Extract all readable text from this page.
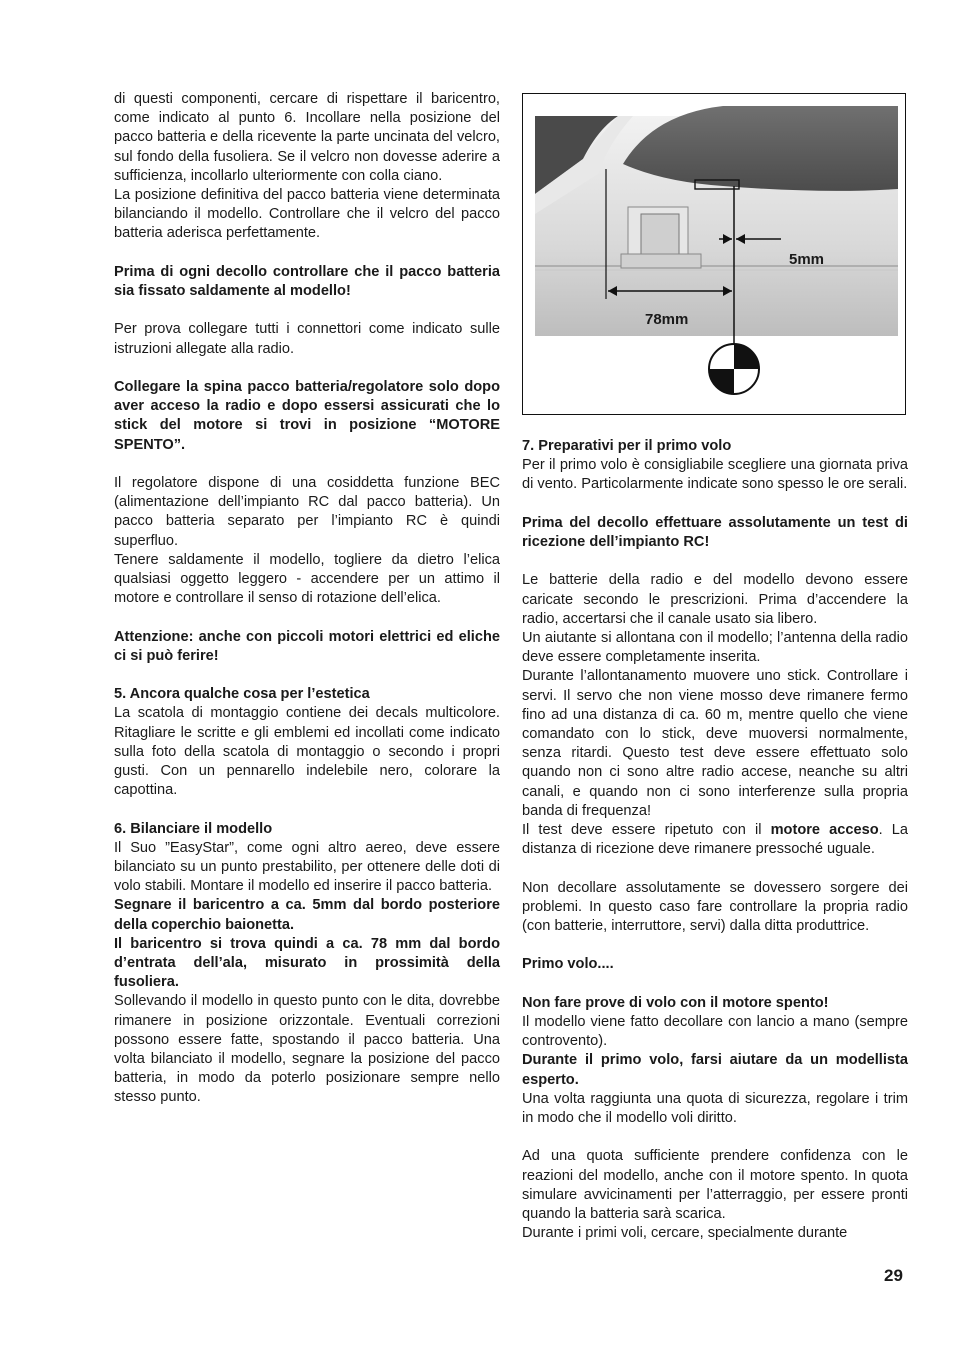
di questi componenti, cercare di rispettare il baricentro, come indicato al punto 6. Incollare nella posizione del pacco batteria e della ricevente la parte uncinata del velcro, sul fondo della fusoliera. Se il velcro non dovesse aderire a sufficienza, incollarlo ulteriormente con colla ciano.

La posizione definitiva del pacco batteria viene determinata bilanciando il modello. Controllare che il velcro del pacco batteria aderisca perfettamente.

Prima di ogni decollo controllare che il pacco batteria sia fissato saldamente al modello!

Per prova collegare tutti i connettori come indicato sulle istruzioni allegate alla radio.

Collegare la spina pacco batteria/regolatore solo dopo aver acceso la radio e dopo essersi assicurati che lo stick del motore si trovi in posizione “MOTORE SPENTO”.

Il regolatore dispone di una cosiddetta funzione BEC (alimentazione dell’impianto RC dal pacco batteria). Un pacco batteria separato per l’impianto RC è quindi superfluo.

Tenere saldamente il modello, togliere da dietro l’elica qualsiasi oggetto leggero - accendere per un attimo il motore e controllare il senso di rotazione dell’elica.

Attenzione: anche con piccoli motori elettrici ed eliche ci si può ferire!

5. Ancora qualche cosa per l’estetica

La scatola di montaggio contiene dei decals multicolore. Ritagliare le scritte e gli emblemi ed incollati come indicato sulla foto della scatola di montaggio o secondo i propri gusti. Con un pennarello indelebile nero, colorare la capottina.

6. Bilanciare il modello

Il Suo ”EasyStar”, come ogni altro aereo, deve essere bilanciato su un punto prestabilito, per ottenere delle doti di volo stabili. Montare il modello ed inserire il pacco batteria.

Segnare il baricentro a ca. 5mm dal bordo posteriore della coperchio baionetta.

Il baricentro si trova quindi a ca. 78 mm dal bordo d’entrata dell’ala, misurato in prossimità della fusoliera.

Sollevando il modello in questo punto con le dita, dovrebbe rimanere in posizione orizzontale. Eventuali correzioni possono essere fatte, spostando il pacco batteria. Una volta bilanciato il modello, segnare la posizione del pacco batteria, in modo da poterlo posizionare sempre nello stesso punto.

5mm
78mm

7. Preparativi per il primo volo

Per il primo volo è consigliabile scegliere una giornata priva di vento. Particolarmente indicate sono spesso le ore serali.

Prima del decollo effettuare assolutamente un test di ricezione dell’impianto RC!

Le batterie della radio e del modello devono essere caricate secondo le prescrizioni. Prima d’accendere la radio, accertarsi che il canale usato sia libero.

Un aiutante si allontana con il modello; l’antenna della radio deve essere completamente inserita.

Durante l’allontanamento muovere uno stick. Controllare i servi. Il servo che non viene mosso deve rimanere fermo fino ad una distanza di ca. 60 m, mentre quello che viene comandato con lo stick, deve muoversi normalmente, senza ritardi. Questo test deve essere effettuato solo quando non ci sono altre radio accese, neanche su altri canali, e quando non ci sono interferenze sulla propria banda di frequenza!

Il test deve essere ripetuto con il motore acceso. La distanza di ricezione deve rimanere pressoché uguale.

Non decollare assolutamente se dovessero sorgere dei problemi. In questo caso fare controllare la propria radio (con batterie, interruttore, servi) dalla ditta produttrice.

Primo volo....

Non fare prove di volo con il motore spento!

Il modello viene fatto decollare con lancio a mano (sempre controvento).

Durante il primo volo, farsi aiutare da un modellista esperto.

Una volta raggiunta una quota di sicurezza, regolare i trim in modo che il modello voli diritto.

Ad una quota sufficiente prendere confidenza con le reazioni del modello, anche con il motore spento. In quota simulare avvicinamenti per l’atterraggio, per essere pronti quando la batteria sarà scarica.

Durante i primi voli, cercare, specialmente durante

29
